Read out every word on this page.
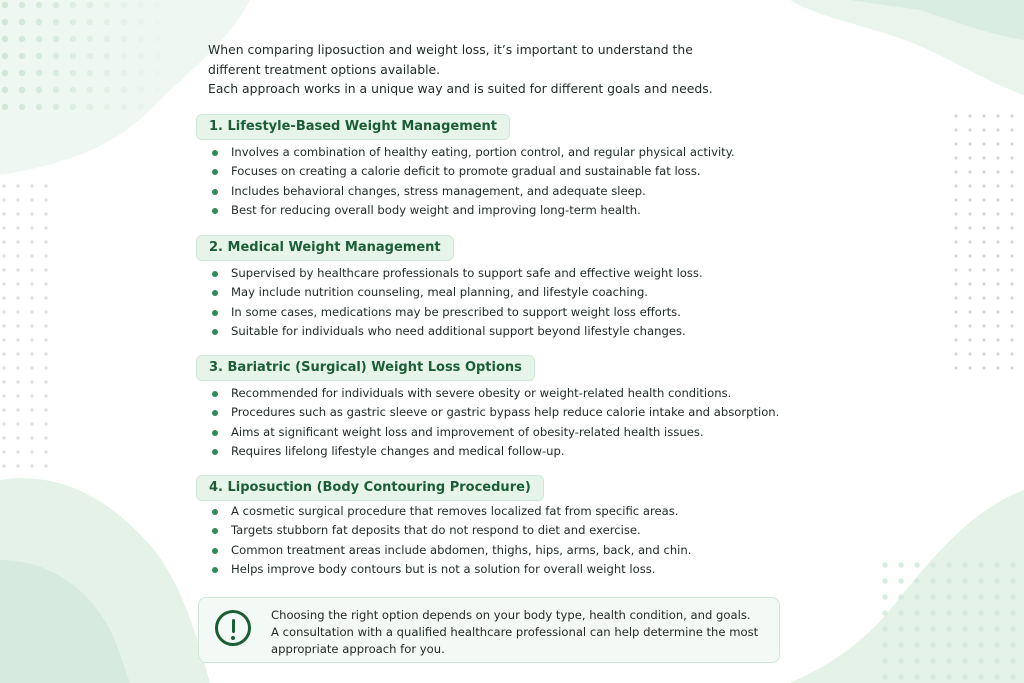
When comparing liposuction and weight loss, it’s important to understand the
different treatment options available.
Each approach works in a unique way and is suited for different goals and needs.
1. Lifestyle-Based Weight Management
Involves a combination of healthy eating, portion control, and regular physical activity.
Focuses on creating a calorie deficit to promote gradual and sustainable fat loss.
Includes behavioral changes, stress management, and adequate sleep.
Best for reducing overall body weight and improving long-term health.
2. Medical Weight Management
Supervised by healthcare professionals to support safe and effective weight loss.
May include nutrition counseling, meal planning, and lifestyle coaching.
In some cases, medications may be prescribed to support weight loss efforts.
Suitable for individuals who need additional support beyond lifestyle changes.
3. Bariatric (Surgical) Weight Loss Options
Recommended for individuals with severe obesity or weight-related health conditions.
Procedures such as gastric sleeve or gastric bypass help reduce calorie intake and absorption.
Aims at significant weight loss and improvement of obesity-related health issues.
Requires lifelong lifestyle changes and medical follow-up.
4. Liposuction (Body Contouring Procedure)
A cosmetic surgical procedure that removes localized fat from specific areas.
Targets stubborn fat deposits that do not respond to diet and exercise.
Common treatment areas include abdomen, thighs, hips, arms, back, and chin.
Helps improve body contours but is not a solution for overall weight loss.
Choosing the right option depends on your body type, health condition, and goals.
A consultation with a qualified healthcare professional can help determine the most
appropriate approach for you.
